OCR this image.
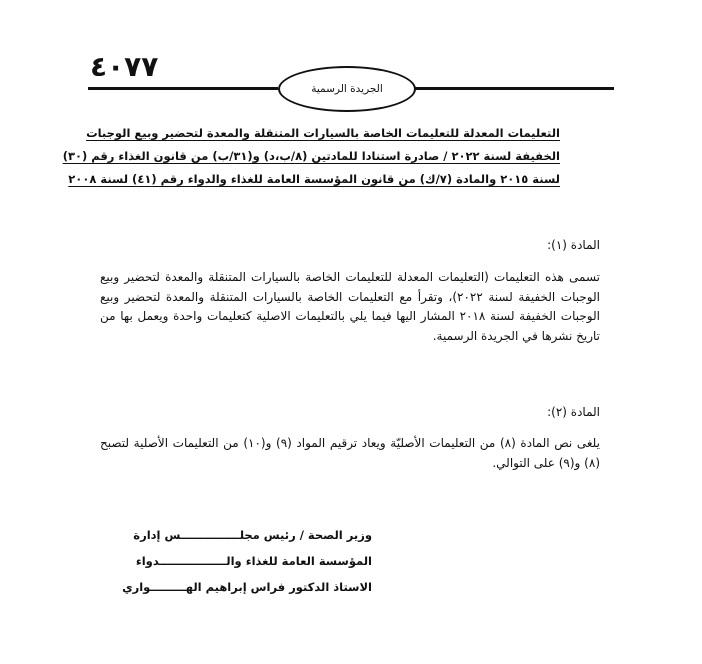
٤٠٧٧
الجريدة الرسمية
التعليمات المعدلة للتعليمات الخاصة بالسيارات المتنقلة والمعدة لتحضير وبيع الوجبات
الخفيفة لسنة ٢٠٢٢ / صادرة استنادا للمادتين (٨/ب،د) و(٣١/ب) من قانون الغذاء رقم (٣٠)
لسنة ٢٠١٥ والمادة (٧/ك) من قانون المؤسسة العامة للغذاء والدواء رقم (٤١) لسنة ٢٠٠٨
المادة (١):
تسمى هذه التعليمات (التعليمات المعدلة للتعليمات الخاصة بالسيارات المتنقلة والمعدة لتحضير وبيع الوجبات الخفيفة لسنة ٢٠٢٢)، وتقرأ مع التعليمات الخاصة بالسيارات المتنقلة والمعدة لتحضير وبيع الوجبات الخفيفة لسنة ٢٠١٨ المشار اليها فيما يلي بالتعليمات الاصلية كتعليمات واحدة ويعمل بها من تاريخ نشرها في الجريدة الرسمية.
المادة (٢):
يلغى نص المادة (٨) من التعليمات الأصليّة ويعاد ترقيم المواد (٩) و(١٠) من التعليمات الأصلية لتصبح (٨) و(٩) على التوالي.
وزير الصحة / رئيس مجلـــــــــــــــس إدارة
المؤسسة العامة للغذاء والـــــــــــــــــدواء
الاستاذ الدكتور فراس إبراهيم الهـــــــــواري
